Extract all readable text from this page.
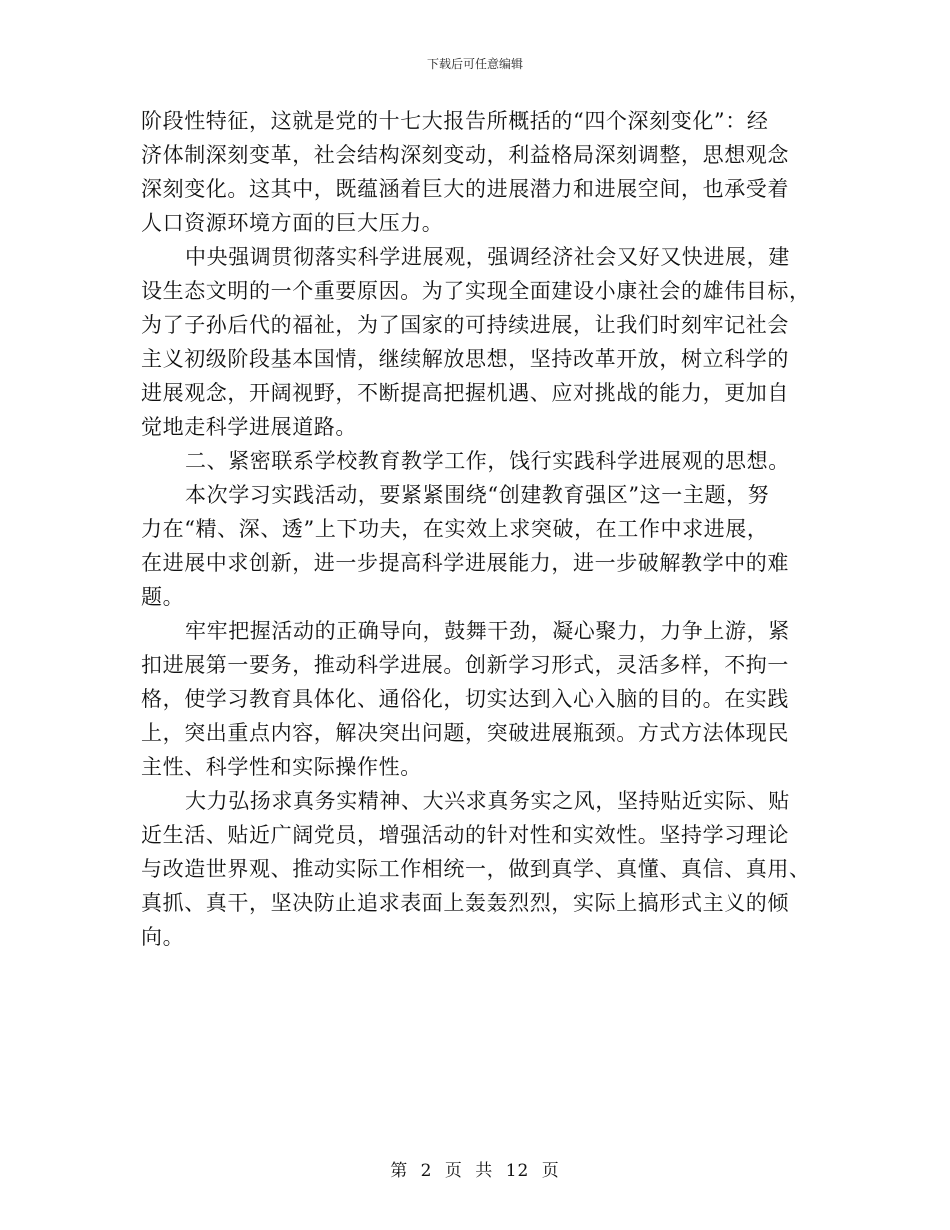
下载后可任意编辑
阶段性特征，这就是党的十七大报告所概括的“四个深刻变化”：经
济体制深刻变革，社会结构深刻变动，利益格局深刻调整，思想观念
深刻变化。这其中，既蕴涵着巨大的进展潜力和进展空间，也承受着
人口资源环境方面的巨大压力。
中央强调贯彻落实科学进展观，强调经济社会又好又快进展，建
设生态文明的一个重要原因。为了实现全面建设小康社会的雄伟目标，
为了子孙后代的福祉，为了国家的可持续进展，让我们时刻牢记社会
主义初级阶段基本国情，继续解放思想，坚持改革开放，树立科学的
进展观念，开阔视野，不断提高把握机遇、应对挑战的能力，更加自
觉地走科学进展道路。
二、紧密联系学校教育教学工作，饯行实践科学进展观的思想。
本次学习实践活动，要紧紧围绕“创建教育强区”这一主题，努
力在“精、深、透”上下功夫，在实效上求突破，在工作中求进展，
在进展中求创新，进一步提高科学进展能力，进一步破解教学中的难
题。
牢牢把握活动的正确导向，鼓舞干劲，凝心聚力，力争上游，紧
扣进展第一要务，推动科学进展。创新学习形式，灵活多样，不拘一
格，使学习教育具体化、通俗化，切实达到入心入脑的目的。在实践
上，突出重点内容，解决突出问题，突破进展瓶颈。方式方法体现民
主性、科学性和实际操作性。
大力弘扬求真务实精神、大兴求真务实之风，坚持贴近实际、贴
近生活、贴近广阔党员，增强活动的针对性和实效性。坚持学习理论
与改造世界观、推动实际工作相统一，做到真学、真懂、真信、真用、
真抓、真干，坚决防止追求表面上轰轰烈烈，实际上搞形式主义的倾
向。
第 2 页 共 12 页
